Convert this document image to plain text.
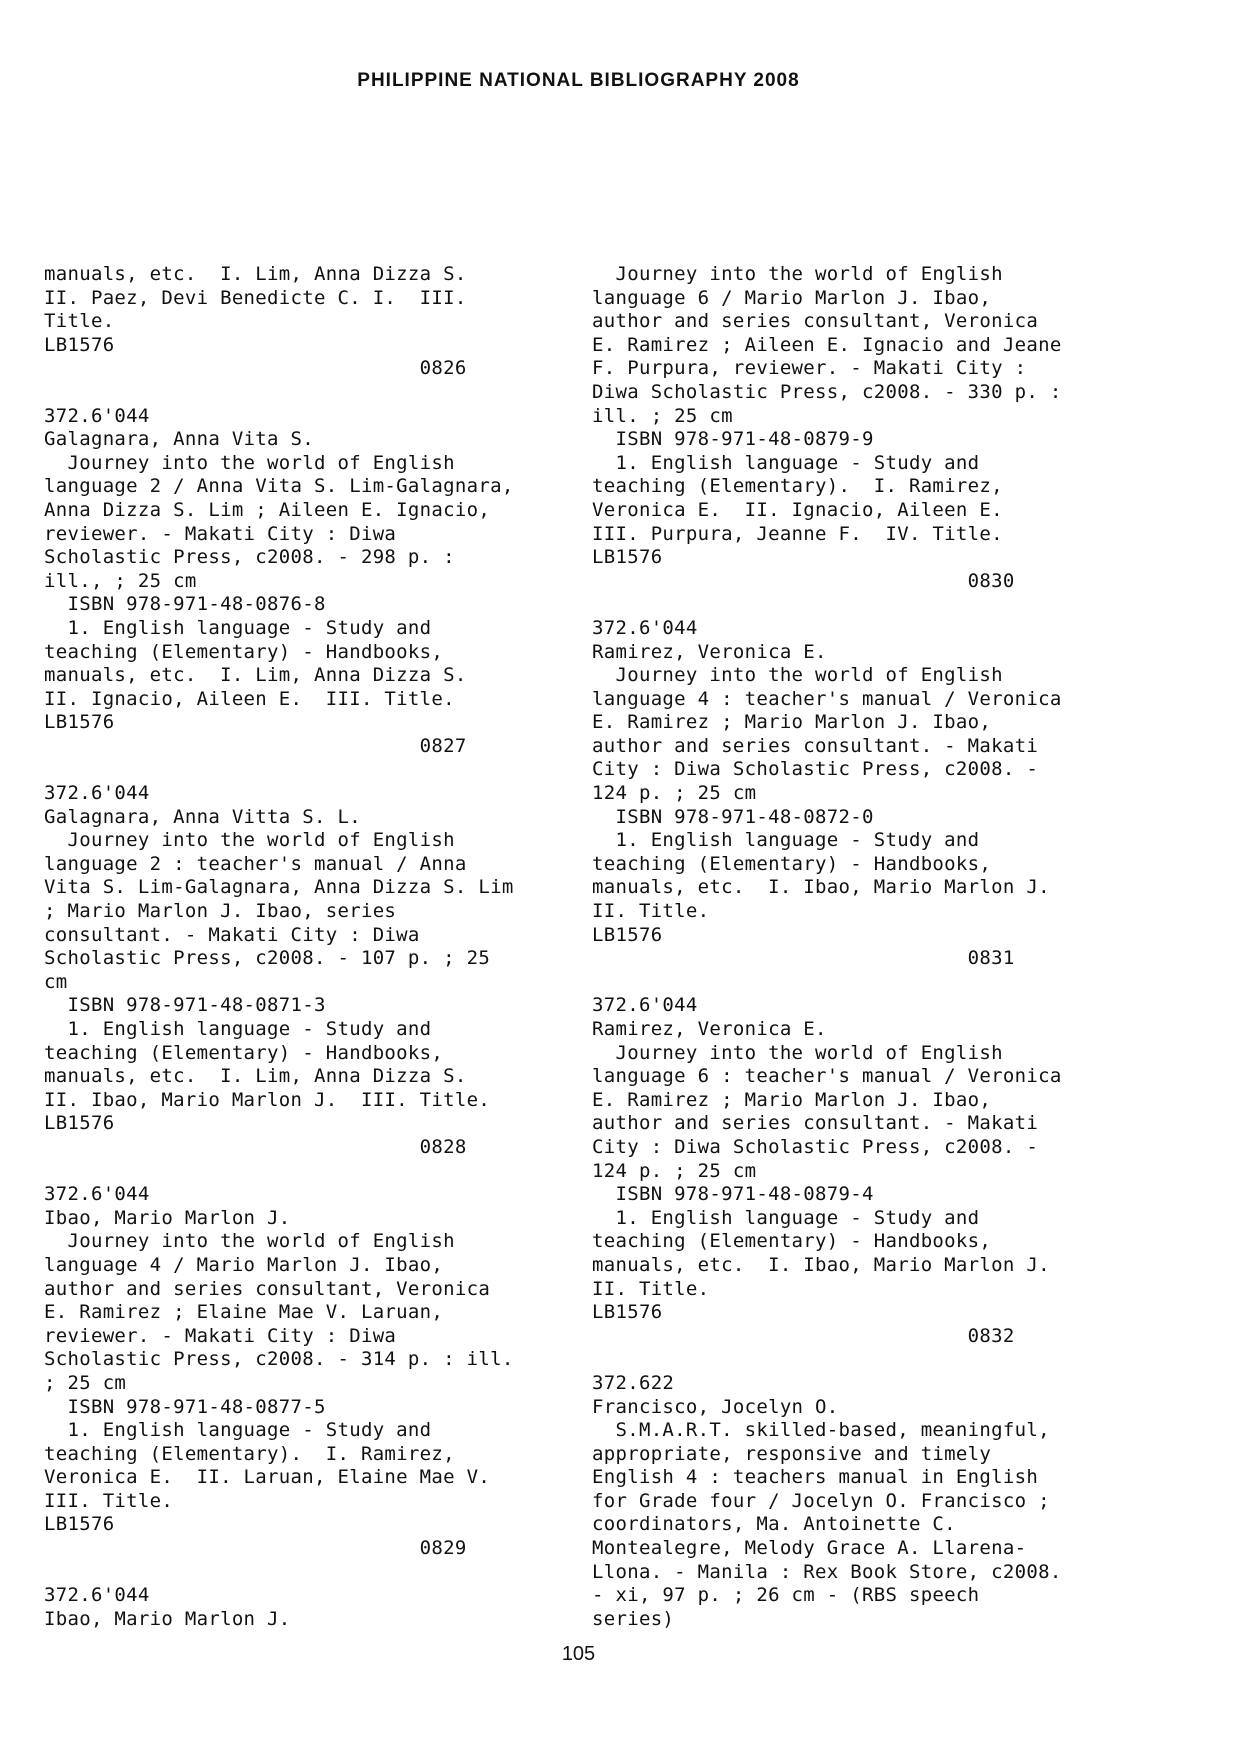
PHILIPPINE NATIONAL BIBLIOGRAPHY 2008
manuals, etc.  I. Lim, Anna Dizza S.
II. Paez, Devi Benedicte C. I.  III.
Title.
LB1576
0826
372.6'044
Galagnara, Anna Vita S.
Journey into the world of English
language 2 / Anna Vita S. Lim-Galagnara,
Anna Dizza S. Lim ; Aileen E. Ignacio,
reviewer. - Makati City : Diwa
Scholastic Press, c2008. - 298 p. :
ill., ; 25 cm
ISBN 978-971-48-0876-8
1. English language - Study and
teaching (Elementary) - Handbooks,
manuals, etc.  I. Lim, Anna Dizza S.
II. Ignacio, Aileen E.  III. Title.
LB1576
0827
372.6'044
Galagnara, Anna Vitta S. L.
Journey into the world of English
language 2 : teacher's manual / Anna
Vita S. Lim-Galagnara, Anna Dizza S. Lim
; Mario Marlon J. Ibao, series
consultant. - Makati City : Diwa
Scholastic Press, c2008. - 107 p. ; 25
cm
ISBN 978-971-48-0871-3
1. English language - Study and
teaching (Elementary) - Handbooks,
manuals, etc.  I. Lim, Anna Dizza S.
II. Ibao, Mario Marlon J.  III. Title.
LB1576
0828
372.6'044
Ibao, Mario Marlon J.
Journey into the world of English
language 4 / Mario Marlon J. Ibao,
author and series consultant, Veronica
E. Ramirez ; Elaine Mae V. Laruan,
reviewer. - Makati City : Diwa
Scholastic Press, c2008. - 314 p. : ill.
; 25 cm
ISBN 978-971-48-0877-5
1. English language - Study and
teaching (Elementary).  I. Ramirez,
Veronica E.  II. Laruan, Elaine Mae V.
III. Title.
LB1576
0829
372.6'044
Ibao, Mario Marlon J.
Journey into the world of English
language 6 / Mario Marlon J. Ibao,
author and series consultant, Veronica
E. Ramirez ; Aileen E. Ignacio and Jeane
F. Purpura, reviewer. - Makati City :
Diwa Scholastic Press, c2008. - 330 p. :
ill. ; 25 cm
ISBN 978-971-48-0879-9
1. English language - Study and
teaching (Elementary).  I. Ramirez,
Veronica E.  II. Ignacio, Aileen E.
III. Purpura, Jeanne F.  IV. Title.
LB1576
0830
372.6'044
Ramirez, Veronica E.
Journey into the world of English
language 4 : teacher's manual / Veronica
E. Ramirez ; Mario Marlon J. Ibao,
author and series consultant. - Makati
City : Diwa Scholastic Press, c2008. -
124 p. ; 25 cm
ISBN 978-971-48-0872-0
1. English language - Study and
teaching (Elementary) - Handbooks,
manuals, etc.  I. Ibao, Mario Marlon J.
II. Title.
LB1576
0831
372.6'044
Ramirez, Veronica E.
Journey into the world of English
language 6 : teacher's manual / Veronica
E. Ramirez ; Mario Marlon J. Ibao,
author and series consultant. - Makati
City : Diwa Scholastic Press, c2008. -
124 p. ; 25 cm
ISBN 978-971-48-0879-4
1. English language - Study and
teaching (Elementary) - Handbooks,
manuals, etc.  I. Ibao, Mario Marlon J.
II. Title.
LB1576
0832
372.622
Francisco, Jocelyn O.
S.M.A.R.T. skilled-based, meaningful,
appropriate, responsive and timely
English 4 : teachers manual in English
for Grade four / Jocelyn O. Francisco ;
coordinators, Ma. Antoinette C.
Montealegre, Melody Grace A. Llarena-
Llona. - Manila : Rex Book Store, c2008.
- xi, 97 p. ; 26 cm - (RBS speech
series)
105
